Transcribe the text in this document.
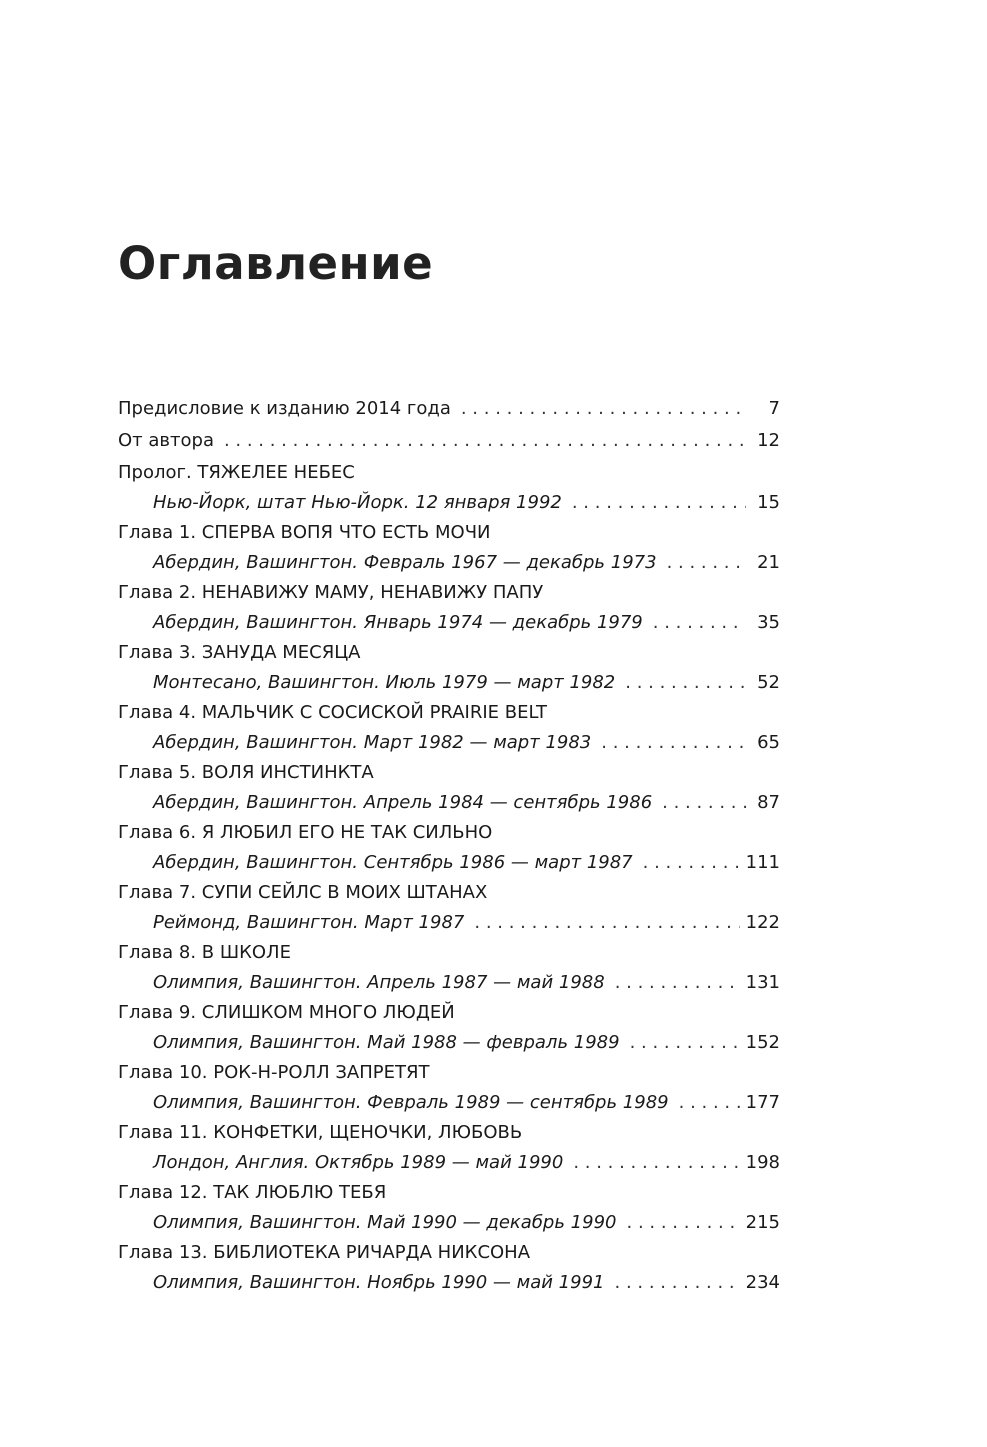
Оглавление
Предисловие к изданию 2014 года . . .	7
От автора . . .	12
Пролог. ТЯЖЕЛЕЕ НЕБЕС
Нью-Йорк, штат Нью-Йорк. 12 января 1992 . . .	15
Глава 1. СПЕРВА ВОПЯ ЧТО ЕСТЬ МОЧИ
Абердин, Вашингтон. Февраль 1967 — декабрь 1973 . . .	21
Глава 2. НЕНАВИЖУ МАМУ, НЕНАВИЖУ ПАПУ
Абердин, Вашингтон. Январь 1974 — декабрь 1979 . . .	35
Глава 3. ЗАНУДА МЕСЯЦА
Монтесано, Вашингтон. Июль 1979 — март 1982 . . .	52
Глава 4. МАЛЬЧИК С СОСИСКОЙ PRAIRIE BELT
Абердин, Вашингтон. Март 1982 — март 1983 . . .	65
Глава 5. ВОЛЯ ИНСТИНКТА
Абердин, Вашингтон. Апрель 1984 — сентябрь 1986 . . .	87
Глава 6. Я ЛЮБИЛ ЕГО НЕ ТАК СИЛЬНО
Абердин, Вашингтон. Сентябрь 1986 — март 1987 . . .	111
Глава 7. СУПИ СЕЙЛС В МОИХ ШТАНАХ
Реймонд, Вашингтон. Март 1987 . . .	122
Глава 8. В ШКОЛЕ
Олимпия, Вашингтон. Апрель 1987 — май 1988 . . .	131
Глава 9. СЛИШКОМ МНОГО ЛЮДЕЙ
Олимпия, Вашингтон. Май 1988 — февраль 1989 . . .	152
Глава 10. РОК-Н-РОЛЛ ЗАПРЕТЯТ
Олимпия, Вашингтон. Февраль 1989 — сентябрь 1989 . . .	177
Глава 11. КОНФЕТКИ, ЩЕНОЧКИ, ЛЮБОВЬ
Лондон, Англия. Октябрь 1989 — май 1990 . . .	198
Глава 12. ТАК ЛЮБЛЮ ТЕБЯ
Олимпия, Вашингтон. Май 1990 — декабрь 1990 . . .	215
Глава 13. БИБЛИОТЕКА РИЧАРДА НИКСОНА
Олимпия, Вашингтон. Ноябрь 1990 — май 1991 . . .	234
